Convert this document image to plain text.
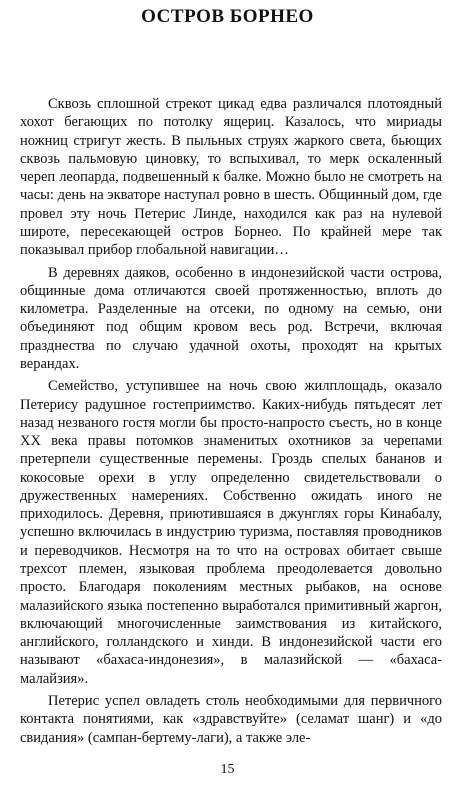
ОСТРОВ БОРНЕО

Сквозь сплошной стрекот цикад едва различался плотоядный хохот бегающих по потолку ящериц. Казалось, что мириады ножниц стригут жесть. В пыльных струях жаркого света, бьющих сквозь пальмовую циновку, то вспыхивал, то мерк оскаленный череп леопарда, подвешенный к балке. Можно было не смотреть на часы: день на экваторе наступал ровно в шесть. Общинный дом, где провел эту ночь Петерис Линде, находился как раз на нулевой широте, пересекающей остров Борнео. По крайней мере так показывал прибор глобальной навигации…

В деревнях даяков, особенно в индонезийской части острова, общинные дома отличаются своей протяженностью, вплоть до километра. Разделенные на отсеки, по одному на семью, они объединяют под общим кровом весь род. Встречи, включая празднества по случаю удачной охоты, проходят на крытых верандах.

Семейство, уступившее на ночь свою жилплощадь, оказало Петерису радушное гостеприимство. Каких-нибудь пятьдесят лет назад незваного гостя могли бы просто-напросто съесть, но в конце XX века правы потомков знаменитых охотников за черепами претерпели существенные перемены. Гроздь спелых бананов и кокосовые орехи в углу определенно свидетельствовали о дружественных намерениях. Собственно ожидать иного не приходилось. Деревня, приютившаяся в джунглях горы Кинабалу, успешно включилась в индустрию туризма, поставляя проводников и переводчиков. Несмотря на то что на островах обитает свыше трехсот племен, языковая проблема преодолевается довольно просто. Благодаря поколениям местных рыбаков, на основе малазийского языка постепенно выработался примитивный жаргон, включающий многочисленные заимствования из китайского, английского, голландского и хинди. В индонезийской части его называют «бахаса-индонезия», в малазийской — «бахаса-малайзия».

Петерис успел овладеть столь необходимыми для первичного контакта понятиями, как «здравствуйте» (селамат шанг) и «до свидания» (сампан-бертему-лаги), а также эле-

15
